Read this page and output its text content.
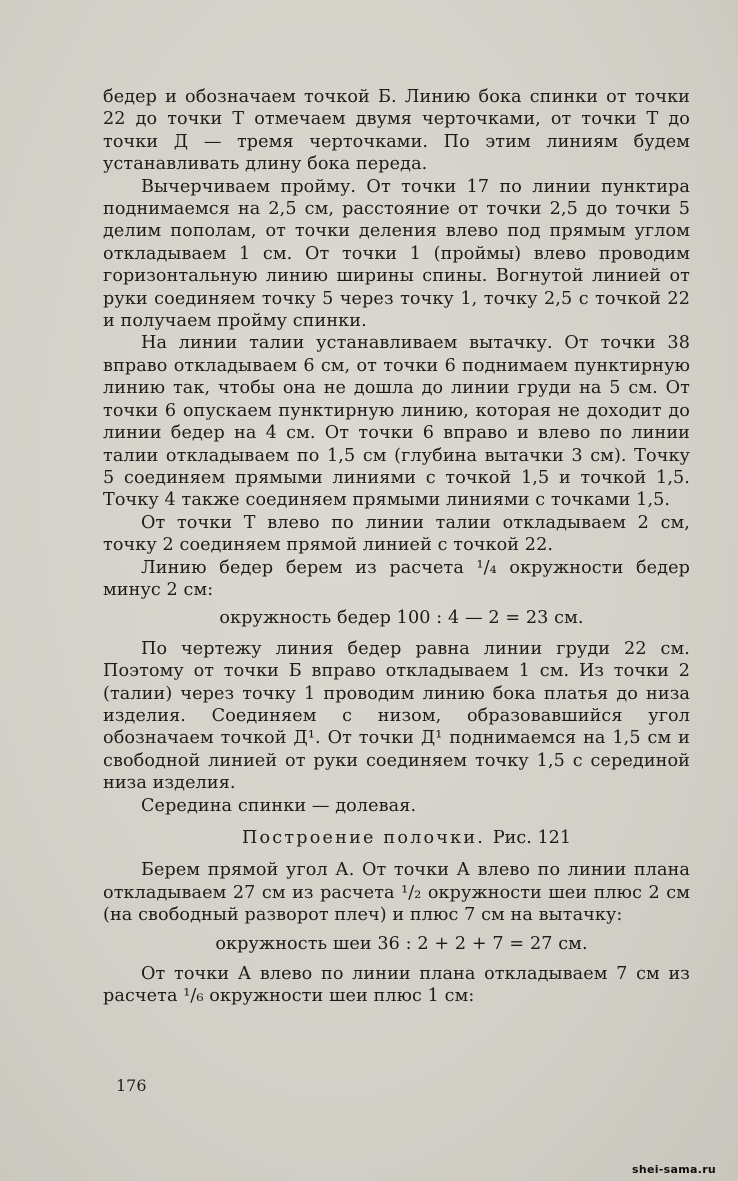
бедер и обозначаем точкой Б. Линию бока спинки от точки 22 до точки Т отмечаем двумя черточками, от точки Т до точки Д — тремя черточками. По этим линиям будем устанавливать длину бока переда.

Вычерчиваем пройму. От точки 17 по линии пунктира поднимаемся на 2,5 см, расстояние от точки 2,5 до точки 5 делим пополам, от точки деления влево под прямым углом откладываем 1 см. От точки 1 (проймы) влево проводим горизонтальную линию ширины спины. Вогнутой линией от руки соединяем точку 5 через точку 1, точку 2,5 с точкой 22 и получаем пройму спинки.

На линии талии устанавливаем вытачку. От точки 38 вправо откладываем 6 см, от точки 6 поднимаем пунктирную линию так, чтобы она не дошла до линии груди на 5 см. От точки 6 опускаем пунктирную линию, которая не доходит до линии бедер на 4 см. От точки 6 вправо и влево по линии талии откладываем по 1,5 см (глубина вытачки 3 см). Точку 5 соединяем прямыми линиями с точкой 1,5 и точкой 1,5. Точку 4 также соединяем прямыми линиями с точками 1,5.

От точки Т влево по линии талии откладываем 2 см, точку 2 соединяем прямой линией с точкой 22.

Линию бедер берем из расчета ¹/₄ окружности бедер минус 2 см:

окружность бедер 100 : 4 — 2 = 23 см.

По чертежу линия бедер равна линии груди 22 см. Поэтому от точки Б вправо откладываем 1 см. Из точки 2 (талии) через точку 1 проводим линию бока платья до низа изделия. Соединяем с низом, образовавшийся угол обозначаем точкой Д¹. От точки Д¹ поднимаемся на 1,5 см и свободной линией от руки соединяем точку 1,5 с серединой низа изделия.

Середина спинки — долевая.

Построение полочки. Рис. 121

Берем прямой угол А. От точки А влево по линии плана откладываем 27 см из расчета ¹/₂ окружности шеи плюс 2 см (на свободный разворот плеч) и плюс 7 см на вытачку:

окружность шеи 36 : 2 + 2 + 7 = 27 см.

От точки А влево по линии плана откладываем 7 см из расчета ¹/₆ окружности шеи плюс 1 см:

176
shei-sama.ru
